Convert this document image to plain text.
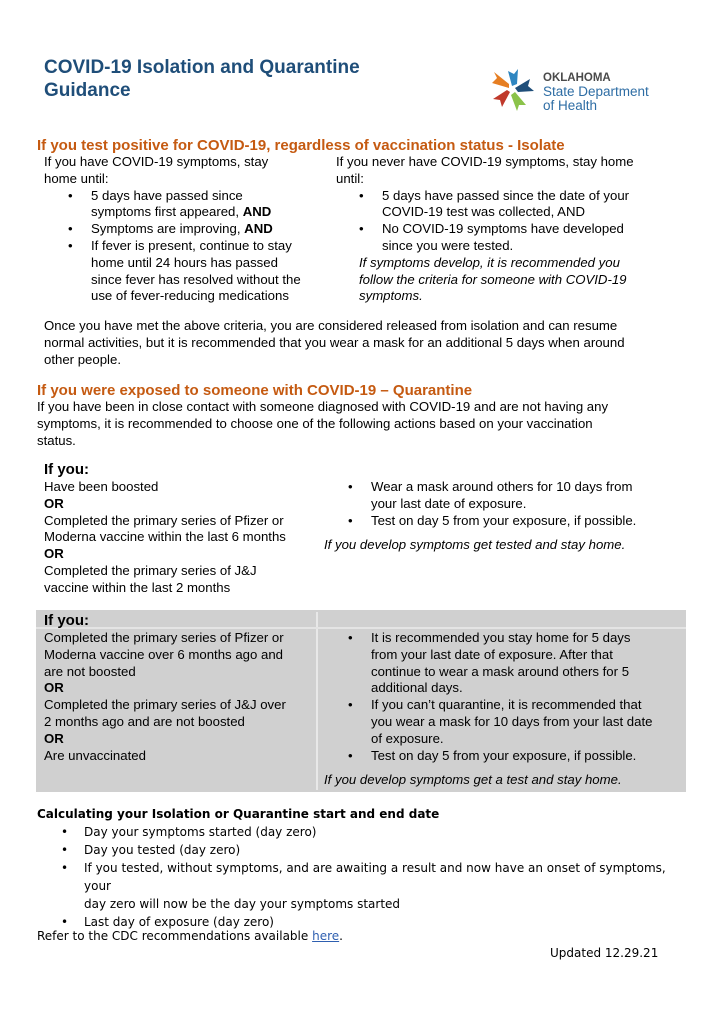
COVID-19 Isolation and Quarantine
Guidance
OKLAHOMA
State Department
of Health
If you test positive for COVID-19, regardless of vaccination status - Isolate
If you have COVID-19 symptoms, stay
home until:
• 5 days have passed since
symptoms first appeared, AND
• Symptoms are improving, AND
• If fever is present, continue to stay
home until 24 hours has passed
since fever has resolved without the
use of fever-reducing medications
If you never have COVID-19 symptoms, stay home
until:
• 5 days have passed since the date of your
COVID-19 test was collected, AND
• No COVID-19 symptoms have developed
since you were tested.
If symptoms develop, it is recommended you
follow the criteria for someone with COVID-19
symptoms.
Once you have met the above criteria, you are considered released from isolation and can resume
normal activities, but it is recommended that you wear a mask for an additional 5 days when around
other people.
If you were exposed to someone with COVID-19 – Quarantine
If you have been in close contact with someone diagnosed with COVID-19 and are not having any
symptoms, it is recommended to choose one of the following actions based on your vaccination
status.
If you:
Have been boosted
OR
Completed the primary series of Pfizer or
Moderna vaccine within the last 6 months
OR
Completed the primary series of J&J
vaccine within the last 2 months
• Wear a mask around others for 10 days from
your last date of exposure.
• Test on day 5 from your exposure, if possible.
If you develop symptoms get tested and stay home.
If you:
Completed the primary series of Pfizer or
Moderna vaccine over 6 months ago and
are not boosted
OR
Completed the primary series of J&J over
2 months ago and are not boosted
OR
Are unvaccinated
• It is recommended you stay home for 5 days
from your last date of exposure. After that
continue to wear a mask around others for 5
additional days.
• If you can’t quarantine, it is recommended that
you wear a mask for 10 days from your last date
of exposure.
• Test on day 5 from your exposure, if possible.
If you develop symptoms get a test and stay home.
Calculating your Isolation or Quarantine start and end date
• Day your symptoms started (day zero)
• Day you tested (day zero)
• If you tested, without symptoms, and are awaiting a result and now have an onset of symptoms, your
day zero will now be the day your symptoms started
• Last day of exposure (day zero)
Refer to the CDC recommendations available here.
Updated 12.29.21
